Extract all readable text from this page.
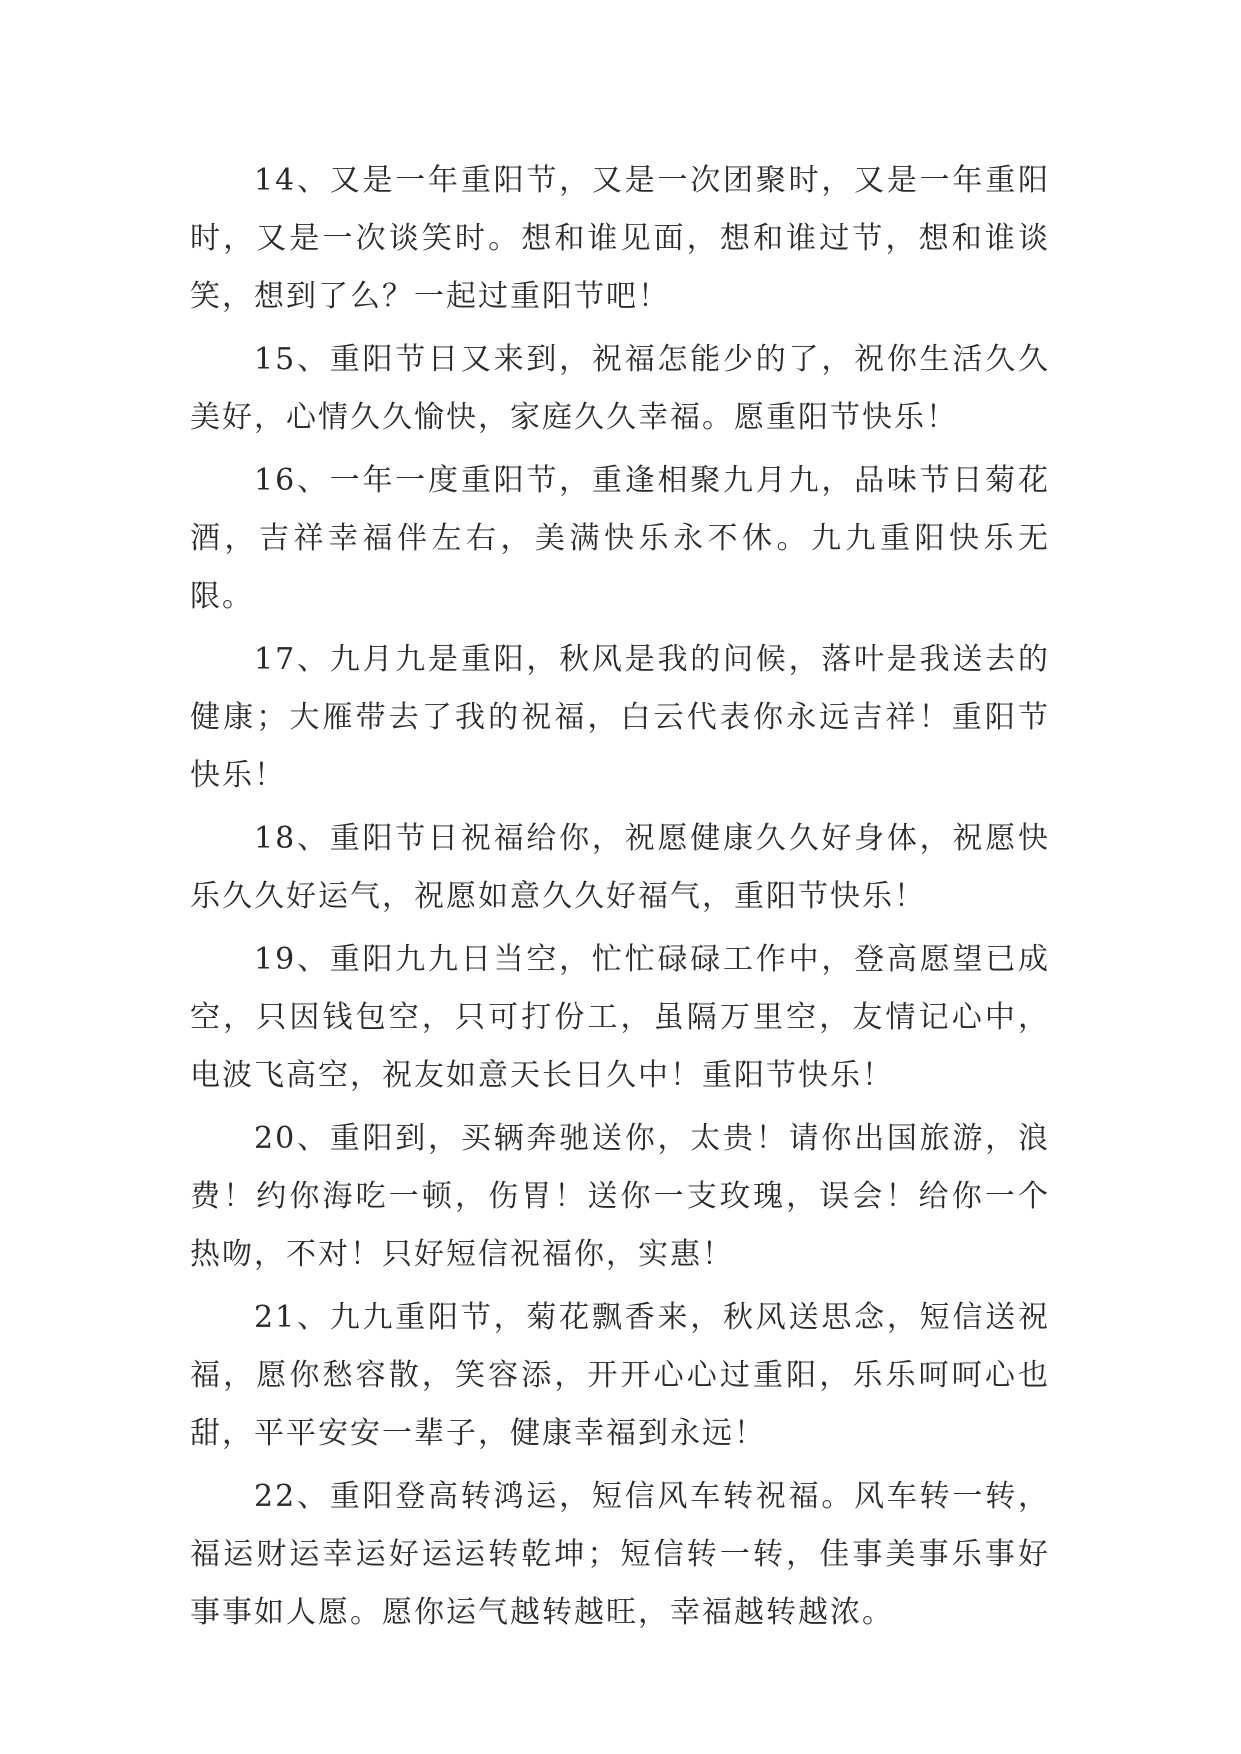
14、又是一年重阳节，又是一次团聚时，又是一年重阳时，又是一次谈笑时。想和谁见面，想和谁过节，想和谁谈笑，想到了么？一起过重阳节吧！

15、重阳节日又来到，祝福怎能少的了，祝你生活久久美好，心情久久愉快，家庭久久幸福。愿重阳节快乐！

16、一年一度重阳节，重逢相聚九月九，品味节日菊花酒，吉祥幸福伴左右，美满快乐永不休。九九重阳快乐无限。

17、九月九是重阳，秋风是我的问候，落叶是我送去的健康；大雁带去了我的祝福，白云代表你永远吉祥！重阳节快乐！

18、重阳节日祝福给你，祝愿健康久久好身体，祝愿快乐久久好运气，祝愿如意久久好福气，重阳节快乐！

19、重阳九九日当空，忙忙碌碌工作中，登高愿望已成空，只因钱包空，只可打份工，虽隔万里空，友情记心中，电波飞高空，祝友如意天长日久中！重阳节快乐！

20、重阳到，买辆奔驰送你，太贵！请你出国旅游，浪费！约你海吃一顿，伤胃！送你一支玫瑰，误会！给你一个热吻，不对！只好短信祝福你，实惠！

21、九九重阳节，菊花飘香来，秋风送思念，短信送祝福，愿你愁容散，笑容添，开开心心过重阳，乐乐呵呵心也甜，平平安安一辈子，健康幸福到永远！

22、重阳登高转鸿运，短信风车转祝福。风车转一转，福运财运幸运好运运转乾坤；短信转一转，佳事美事乐事好事事如人愿。愿你运气越转越旺，幸福越转越浓。
